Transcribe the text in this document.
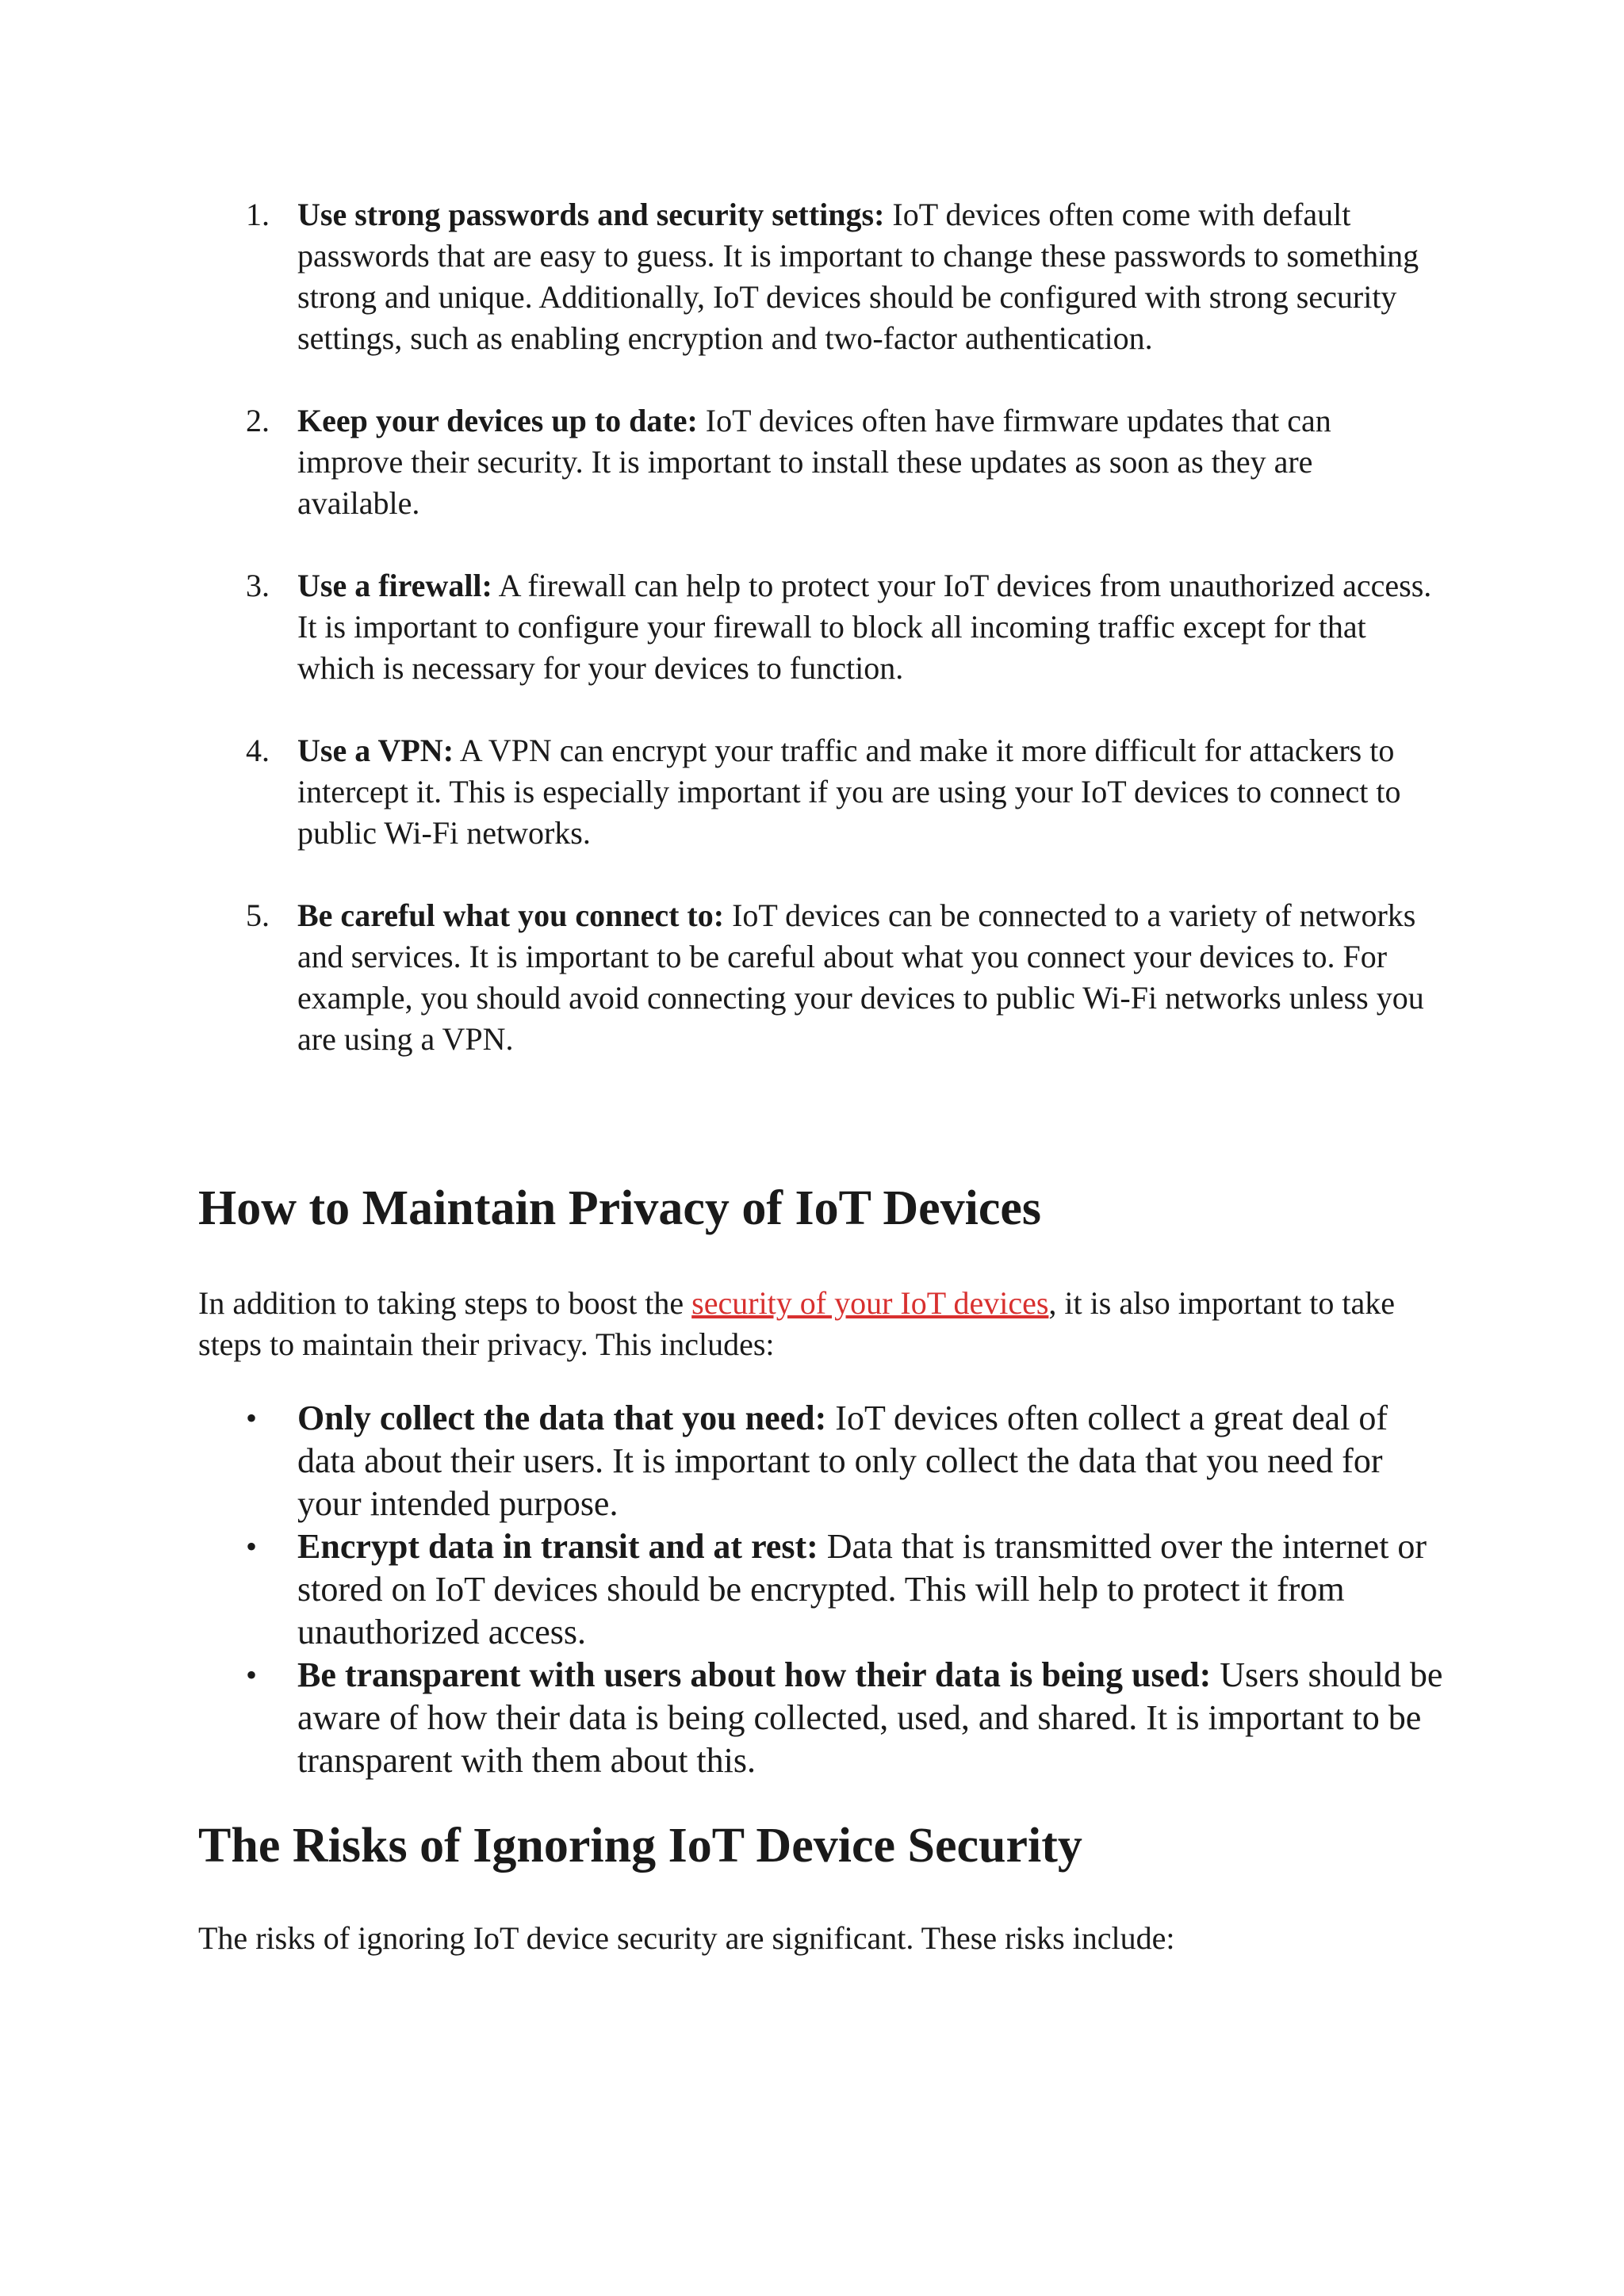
1. Use strong passwords and security settings: IoT devices often come with default passwords that are easy to guess. It is important to change these passwords to something strong and unique. Additionally, IoT devices should be configured with strong security settings, such as enabling encryption and two-factor authentication.
2. Keep your devices up to date: IoT devices often have firmware updates that can improve their security. It is important to install these updates as soon as they are available.
3. Use a firewall: A firewall can help to protect your IoT devices from unauthorized access. It is important to configure your firewall to block all incoming traffic except for that which is necessary for your devices to function.
4. Use a VPN: A VPN can encrypt your traffic and make it more difficult for attackers to intercept it. This is especially important if you are using your IoT devices to connect to public Wi-Fi networks.
5. Be careful what you connect to: IoT devices can be connected to a variety of networks and services. It is important to be careful about what you connect your devices to. For example, you should avoid connecting your devices to public Wi-Fi networks unless you are using a VPN.
How to Maintain Privacy of IoT Devices

In addition to taking steps to boost the security of your IoT devices, it is also important to take steps to maintain their privacy. This includes:

• Only collect the data that you need: IoT devices often collect a great deal of data about their users. It is important to only collect the data that you need for your intended purpose.
• Encrypt data in transit and at rest: Data that is transmitted over the internet or stored on IoT devices should be encrypted. This will help to protect it from unauthorized access.
• Be transparent with users about how their data is being used: Users should be aware of how their data is being collected, used, and shared. It is important to be transparent with them about this.
The Risks of Ignoring IoT Device Security

The risks of ignoring IoT device security are significant. These risks include:
